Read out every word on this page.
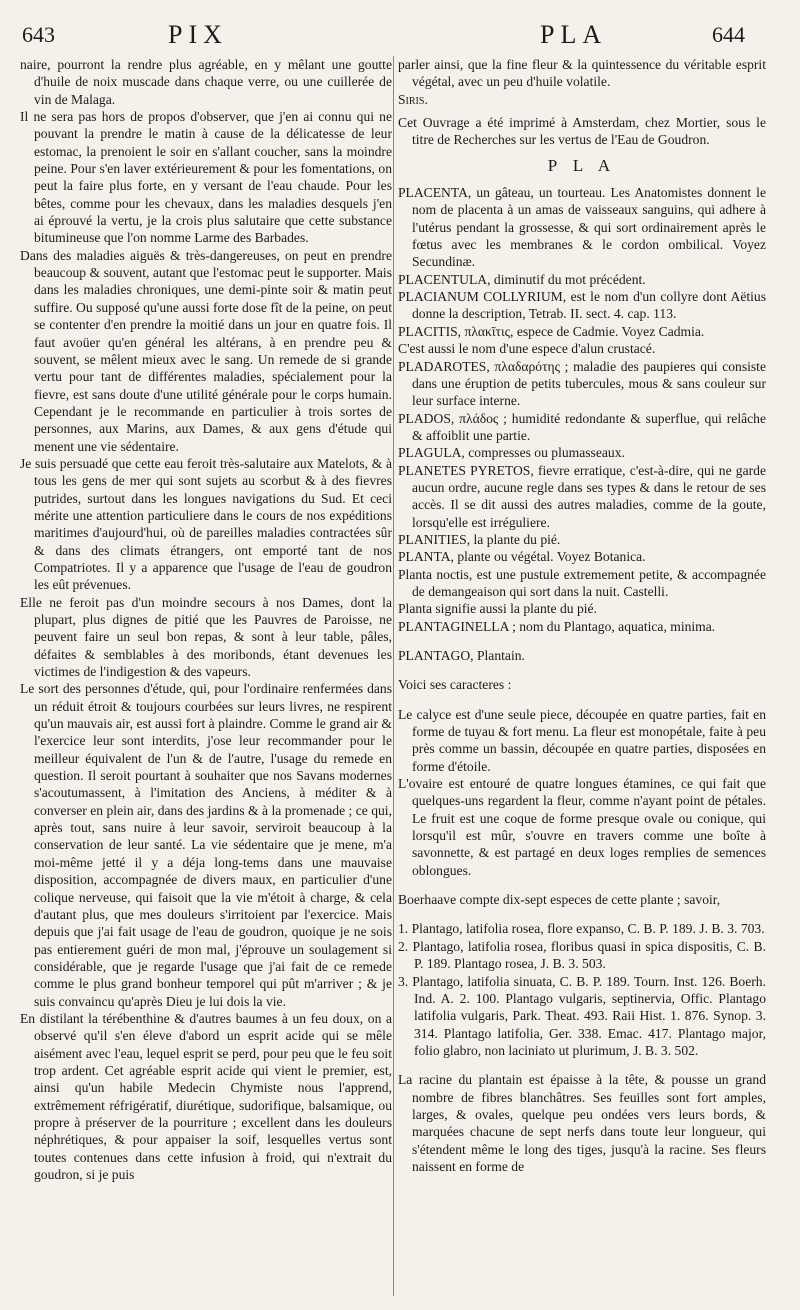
643	PIX	PLA	644

naire, pourront la rendre plus agréable, en y mêlant une goutte d'huile de noix muscade dans chaque verre, ou une cuillerée de vin de Malaga.

Il ne sera pas hors de propos d'observer, que j'en ai connu qui ne pouvant la prendre le matin à cause de la délicatesse de leur estomac, la prenoient le soir en s'allant coucher, sans la moindre peine. Pour s'en laver extérieurement & pour les fomentations, on peut la faire plus forte, en y versant de l'eau chaude. Pour les bêtes, comme pour les chevaux, dans les maladies desquels j'en ai éprouvé la vertu, je la crois plus salutaire que cette substance bitumineuse que l'on nomme Larme des Barbades.

Dans des maladies aiguës & très-dangereuses, on peut en prendre beaucoup & souvent, autant que l'estomac peut le supporter. Mais dans les maladies chroniques, une demi-pinte soir & matin peut suffire. Ou supposé qu'une aussi forte dose fît de la peine, on peut se contenter d'en prendre la moitié dans un jour en quatre fois. Il faut avoüer qu'en général les altérans, à en prendre peu & souvent, se mêlent mieux avec le sang. Un remede de si grande vertu pour tant de différentes maladies, spécialement pour la fievre, est sans doute d'une utilité générale pour le corps humain. Cependant je le recommande en particulier à trois sortes de personnes, aux Marins, aux Dames, & aux gens d'étude qui menent une vie sédentaire.

Je suis persuadé que cette eau feroit très-salutaire aux Matelots, & à tous les gens de mer qui sont sujets au scorbut & à des fievres putrides, surtout dans les longues navigations du Sud. Et ceci mérite une attention particuliere dans le cours de nos expéditions maritimes d'aujourd'hui, où de pareilles maladies contractées sûr & dans des climats étrangers, ont emporté tant de nos Compatriotes. Il y a apparence que l'usage de l'eau de goudron les eût prévenues.

Elle ne feroit pas d'un moindre secours à nos Dames, dont la plupart, plus dignes de pitié que les Pauvres de Paroisse, ne peuvent faire un seul bon repas, & sont à leur table, pâles, défaites & semblables à des moribonds, étant devenues les victimes de l'indigestion & des vapeurs.

Le sort des personnes d'étude, qui, pour l'ordinaire renfermées dans un réduit étroit & toujours courbées sur leurs livres, ne respirent qu'un mauvais air, est aussi fort à plaindre. Comme le grand air & l'exercice leur sont interdits, j'ose leur recommander pour le meilleur équivalent de l'un & de l'autre, l'usage du remede en question. Il seroit pourtant à souhaiter que nos Savans modernes s'acoutumassent, à l'imitation des Anciens, à méditer & à converser en plein air, dans des jardins & à la promenade ; ce qui, après tout, sans nuire à leur savoir, serviroit beaucoup à la conservation de leur santé. La vie sédentaire que je mene, m'a moi-même jetté il y a déja long-tems dans une mauvaise disposition, accompagnée de divers maux, en particulier d'une colique nerveuse, qui faisoit que la vie m'étoit à charge, & cela d'autant plus, que mes douleurs s'irritoient par l'exercice. Mais depuis que j'ai fait usage de l'eau de goudron, quoique je ne sois pas entierement guéri de mon mal, j'éprouve un soulagement si considérable, que je regarde l'usage que j'ai fait de ce remede comme le plus grand bonheur temporel qui pût m'arriver ; & je suis convaincu qu'après Dieu je lui dois la vie.

En distilant la térébenthine & d'autres baumes à un feu doux, on a observé qu'il s'en éleve d'abord un esprit acide qui se mêle aisément avec l'eau, lequel esprit se perd, pour peu que le feu soit trop ardent. Cet agréable esprit acide qui vient le premier, est, ainsi qu'un habile Medecin Chymiste nous l'apprend, extrêmement réfrigératif, diurétique, sudorifique, balsamique, ou propre à préserver de la pourriture ; excellent dans les douleurs néphrétiques, & pour appaiser la soif, lesquelles vertus sont toutes contenues dans cette infusion à froid, qui n'extrait du goudron, si je puis

parler ainsi, que la fine fleur & la quintessence du véritable esprit végétal, avec un peu d'huile volatile.

Siris.

Cet Ouvrage a été imprimé à Amsterdam, chez Mortier, sous le titre de Recherches sur les vertus de l'Eau de Goudron.

P L A

PLACENTA, un gâteau, un tourteau. Les Anatomistes donnent le nom de placenta à un amas de vaisseaux sanguins, qui adhere à l'utérus pendant la grossesse, & qui sort ordinairement après le fœtus avec les membranes & le cordon ombilical. Voyez Secundinæ.

PLACENTULA, diminutif du mot précédent.

PLACIANUM COLLYRIUM, est le nom d'un collyre dont Aëtius donne la description, Tetrab. II. sect. 4. cap. 113.

PLACITIS, πλακῖτις, espece de Cadmie. Voyez Cadmia.

C'est aussi le nom d'une espece d'alun crustacé.

PLADAROTES, πλαδαρότης ; maladie des paupieres qui consiste dans une éruption de petits tubercules, mous & sans couleur sur leur surface interne.

PLADOS, πλάδος ; humidité redondante & superflue, qui relâche & affoiblit une partie.

PLAGULA, compresses ou plumasseaux.

PLANETES PYRETOS, fievre erratique, c'est-à-dire, qui ne garde aucun ordre, aucune regle dans ses types & dans le retour de ses accès. Il se dit aussi des autres maladies, comme de la goute, lorsqu'elle est irréguliere.

PLANITIES, la plante du pié.

PLANTA, plante ou végétal. Voyez Botanica.

Planta noctis, est une pustule extremement petite, & accompagnée de demangeaison qui sort dans la nuit. Castelli.

Planta signifie aussi la plante du pié.

PLANTAGINELLA ; nom du Plantago, aquatica, minima.

PLANTAGO, Plantain.

Voici ses caracteres :

Le calyce est d'une seule piece, découpée en quatre parties, fait en forme de tuyau & fort menu. La fleur est monopétale, faite à peu près comme un bassin, découpée en quatre parties, disposées en forme d'étoile.

L'ovaire est entouré de quatre longues étamines, ce qui fait que quelques-uns regardent la fleur, comme n'ayant point de pétales. Le fruit est une coque de forme presque ovale ou conique, qui lorsqu'il est mûr, s'ouvre en travers comme une boîte à savonnette, & est partagé en deux loges remplies de semences oblongues.

Boerhaave compte dix-sept especes de cette plante ; savoir,

1. Plantago, latifolia rosea, flore expanso, C. B. P. 189. J. B. 3. 703.

2. Plantago, latifolia rosea, floribus quasi in spica dispositis, C. B. P. 189. Plantago rosea, J. B. 3. 503.

3. Plantago, latifolia sinuata, C. B. P. 189. Tourn. Inst. 126. Boerh. Ind. A. 2. 100. Plantago vulgaris, septinervia, Offic. Plantago latifolia vulgaris, Park. Theat. 493. Raii Hist. 1. 876. Synop. 3. 314. Plantago latifolia, Ger. 338. Emac. 417. Plantago major, folio glabro, non laciniato ut plurimum, J. B. 3. 502.

La racine du plantain est épaisse à la tête, & pousse un grand nombre de fibres blanchâtres. Ses feuilles sont fort amples, larges, & ovales, quelque peu ondées vers leurs bords, & marquées chacune de sept nerfs dans toute leur longueur, qui s'étendent même le long des tiges, jusqu'à la racine. Ses fleurs naissent en forme de
